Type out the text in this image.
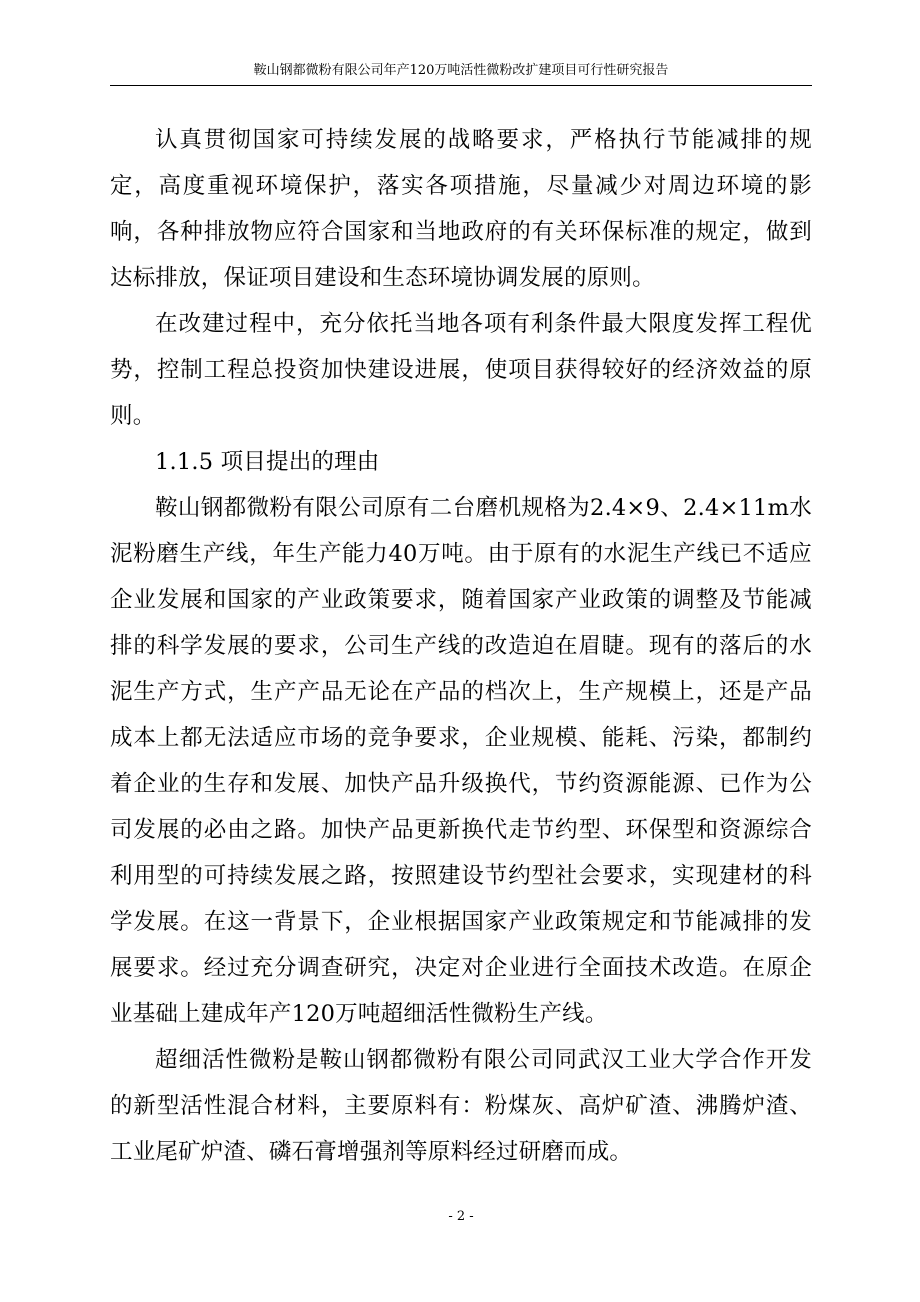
鞍山钢都微粉有限公司年产120万吨活性微粉改扩建项目可行性研究报告

认真贯彻国家可持续发展的战略要求，严格执行节能减排的规定，高度重视环境保护，落实各项措施，尽量减少对周边环境的影响，各种排放物应符合国家和当地政府的有关环保标准的规定，做到达标排放，保证项目建设和生态环境协调发展的原则。

在改建过程中，充分依托当地各项有利条件最大限度发挥工程优势，控制工程总投资加快建设进展，使项目获得较好的经济效益的原则。

1.1.5 项目提出的理由

鞍山钢都微粉有限公司原有二台磨机规格为2.4×9、2.4×11m水泥粉磨生产线，年生产能力40万吨。由于原有的水泥生产线已不适应企业发展和国家的产业政策要求，随着国家产业政策的调整及节能减排的科学发展的要求，公司生产线的改造迫在眉睫。现有的落后的水泥生产方式，生产产品无论在产品的档次上，生产规模上，还是产品成本上都无法适应市场的竞争要求，企业规模、能耗、污染，都制约着企业的生存和发展、加快产品升级换代，节约资源能源、已作为公司发展的必由之路。加快产品更新换代走节约型、环保型和资源综合利用型的可持续发展之路，按照建设节约型社会要求，实现建材的科学发展。在这一背景下，企业根据国家产业政策规定和节能减排的发展要求。经过充分调查研究，决定对企业进行全面技术改造。在原企业基础上建成年产120万吨超细活性微粉生产线。

超细活性微粉是鞍山钢都微粉有限公司同武汉工业大学合作开发的新型活性混合材料，主要原料有：粉煤灰、高炉矿渣、沸腾炉渣、工业尾矿炉渣、磷石膏增强剂等原料经过研磨而成。

- 2 -
